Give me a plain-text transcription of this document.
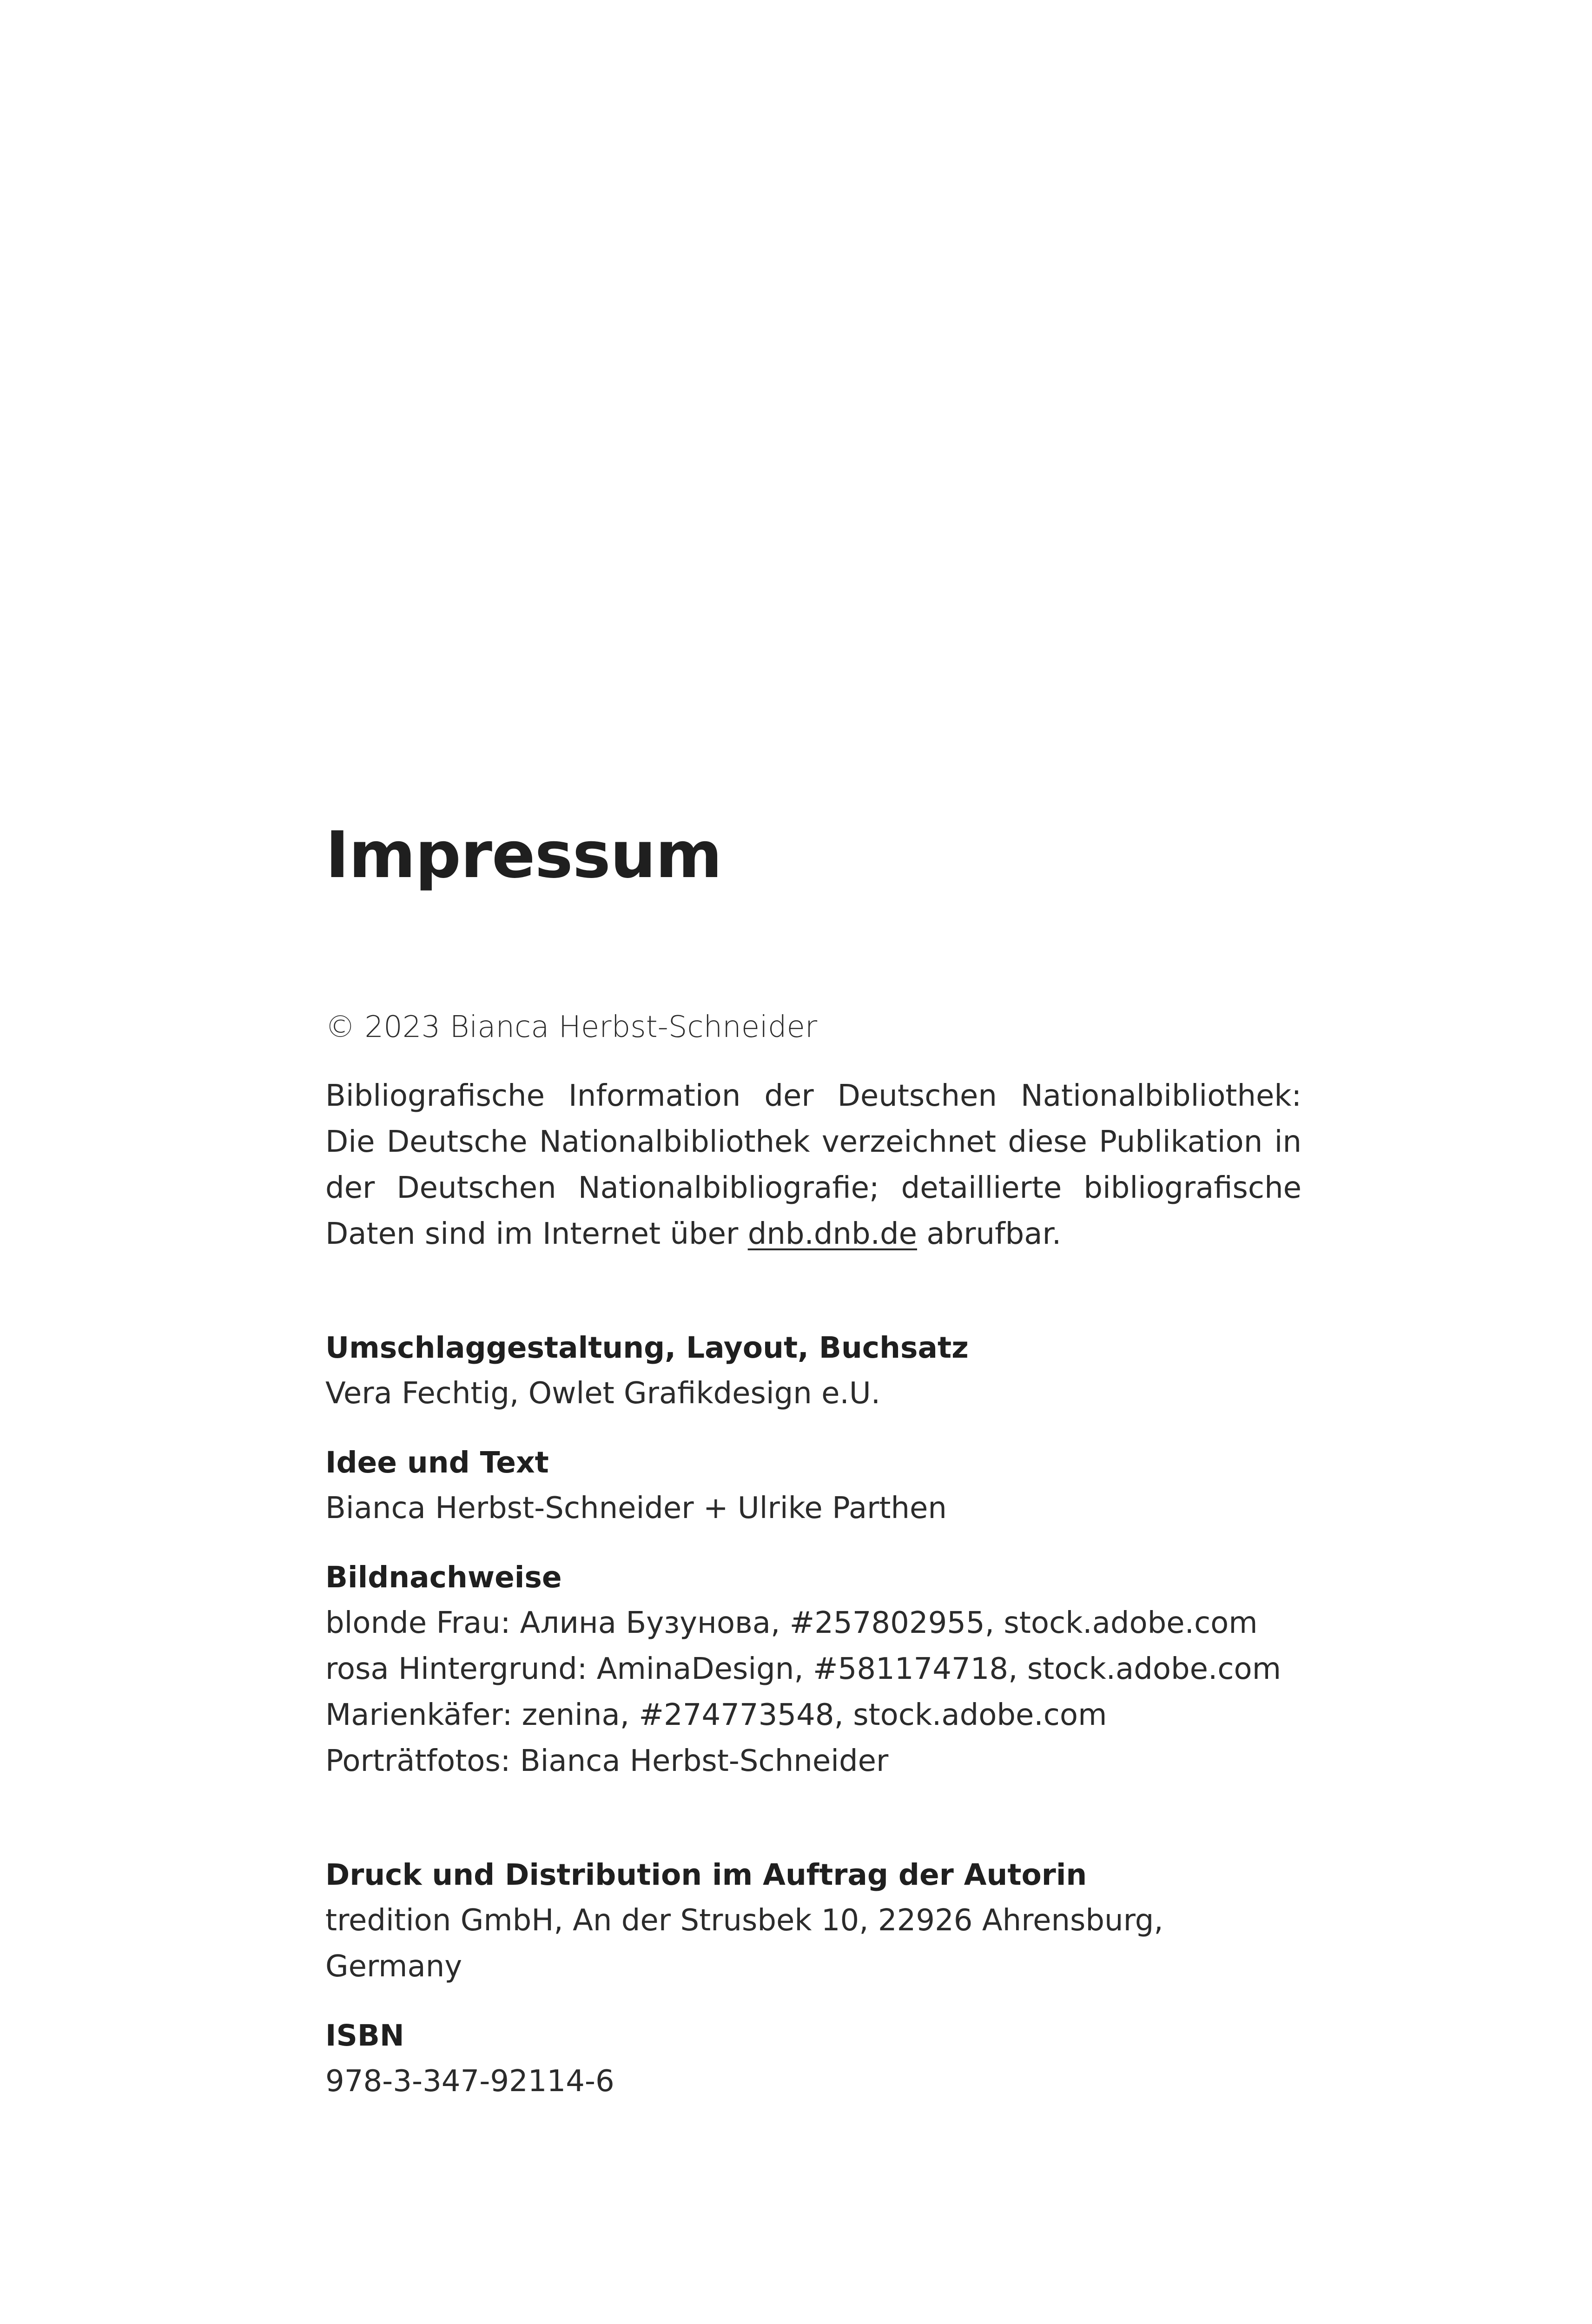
Impressum

© 2023 Bianca Herbst-Schneider

Bibliografische Information der Deutschen Nationalbibliothek: Die Deutsche Nationalbibliothek verzeichnet diese Publikation in der Deutschen Nationalbibliografie; detaillierte bibliografische Daten sind im Internet über dnb.dnb.de abrufbar.

Umschlaggestaltung, Layout, Buchsatz
Vera Fechtig, Owlet Grafikdesign e.U.
Idee und Text
Bianca Herbst-Schneider + Ulrike Parthen
Bildnachweise
blonde Frau: Алина Бузунова, #257802955, stock.adobe.com
rosa Hintergrund: AminaDesign, #581174718, stock.adobe.com
Marienkäfer: zenina, #274773548, stock.adobe.com
Porträtfotos: Bianca Herbst-Schneider
Druck und Distribution im Auftrag der Autorin
tredition GmbH, An der Strusbek 10, 22926 Ahrensburg, Germany
ISBN
978-3-347-92114-6
